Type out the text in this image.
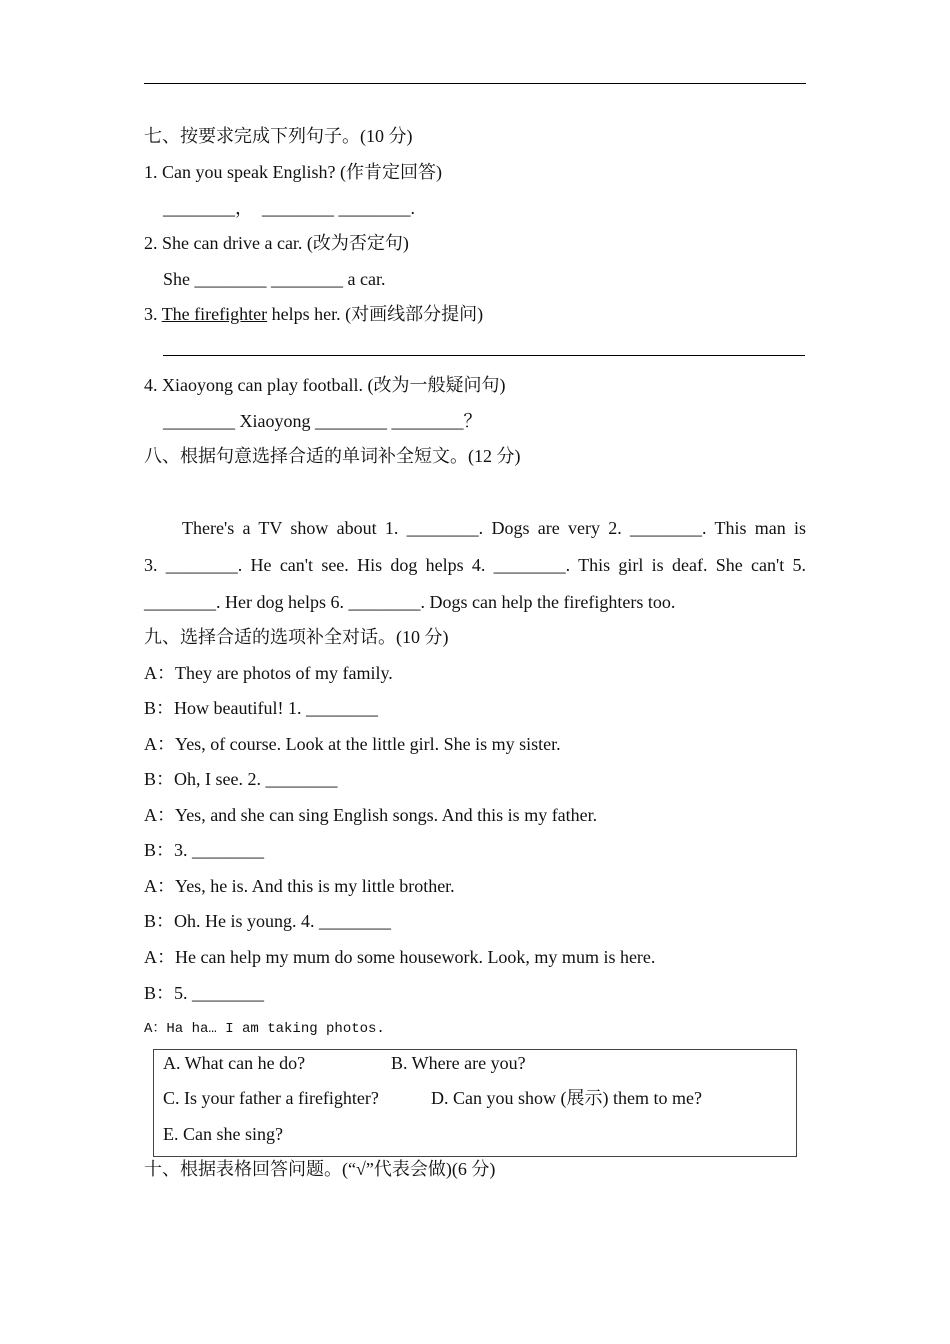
七、按要求完成下列句子。(10 分)
1. Can you speak English? (作肯定回答)
________，  ________ ________.
2. She can drive a car. (改为否定句)
She ________ ________ a car.
3. The firefighter helps her. (对画线部分提问)
4. Xiaoyong can play football. (改为一般疑问句)
________ Xiaoyong ________ ________？
八、根据句意选择合适的单词补全短文。(12 分)
There's a TV show about 1. ________. Dogs are very 2. ________. This man is
3. ________. He can't see. His dog helps 4. ________. This girl is deaf. She can't 5.
________. Her dog helps 6. ________. Dogs can help the firefighters too.
九、选择合适的选项补全对话。(10 分)
A：They are photos of my family.
B：How beautiful! 1. ________
A：Yes, of course. Look at the little girl. She is my sister.
B：Oh, I see. 2. ________
A：Yes, and she can sing English songs. And this is my father.
B：3. ________
A：Yes, he is. And this is my little brother.
B：Oh. He is young. 4. ________
A：He can help my mum do some housework. Look, my mum is here.
B：5. ________
A：Ha ha… I am taking photos.
A. What can he do?	B. Where are you?
C. Is your father a firefighter?	D. Can you show (展示) them to me?
E. Can she sing?
十、根据表格回答问题。(“√”代表会做)(6 分)
